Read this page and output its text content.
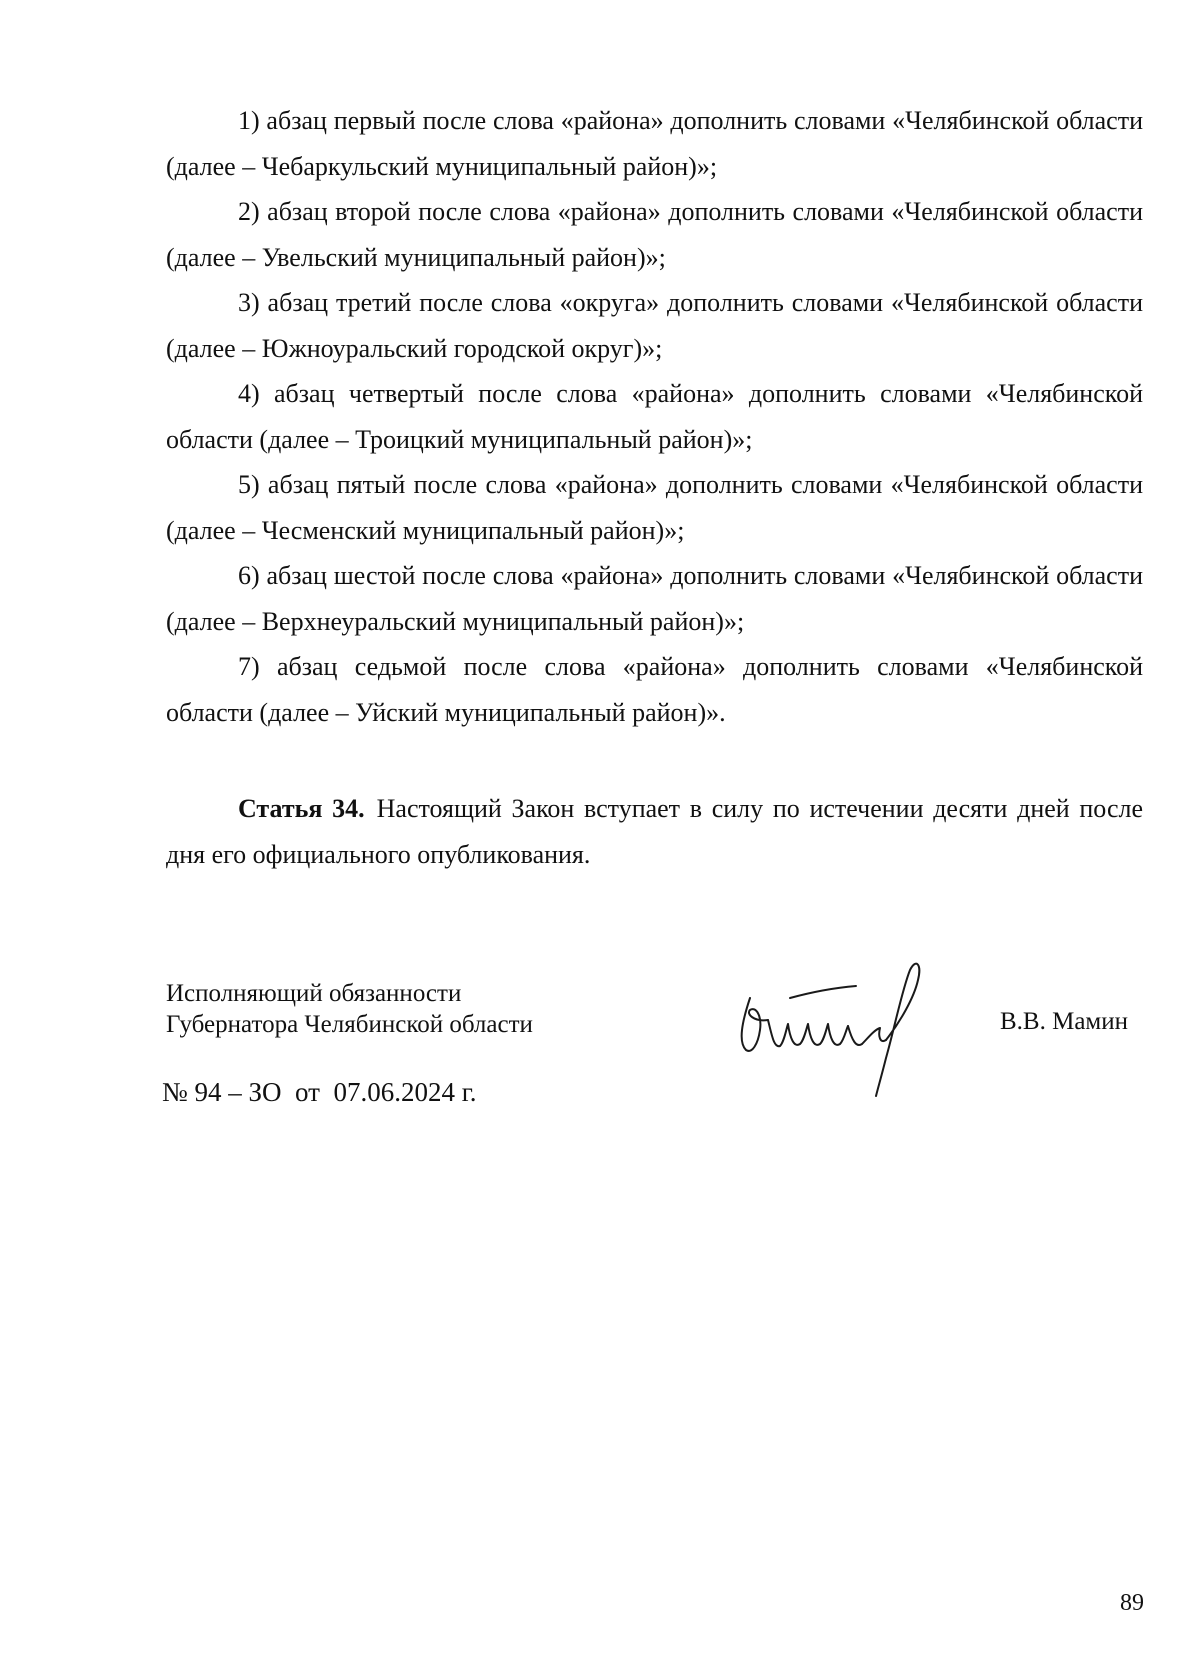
1) абзац первый после слова «района» дополнить словами «Челябинской области (далее – Чебаркульский муниципальный район)»;

2) абзац второй после слова «района» дополнить словами «Челябинской области (далее – Увельский муниципальный район)»;

3) абзац третий после слова «округа» дополнить словами «Челябинской области (далее – Южноуральский городской округ)»;

4) абзац четвертый после слова «района» дополнить словами «Челябинской области (далее – Троицкий муниципальный район)»;

5) абзац пятый после слова «района» дополнить словами «Челябинской области (далее – Чесменский муниципальный район)»;

6) абзац шестой после слова «района» дополнить словами «Челябинской области (далее – Верхнеуральский муниципальный район)»;

7) абзац седьмой после слова «района» дополнить словами «Челябинской области (далее – Уйский муниципальный район)».

Статья 34. Настоящий Закон вступает в силу по истечении десяти дней после дня его официального опубликования.

Исполняющий обязанности
Губернатора Челябинской области	В.В. Мамин
№ 94 – ЗО  от  07.06.2024 г.
89
